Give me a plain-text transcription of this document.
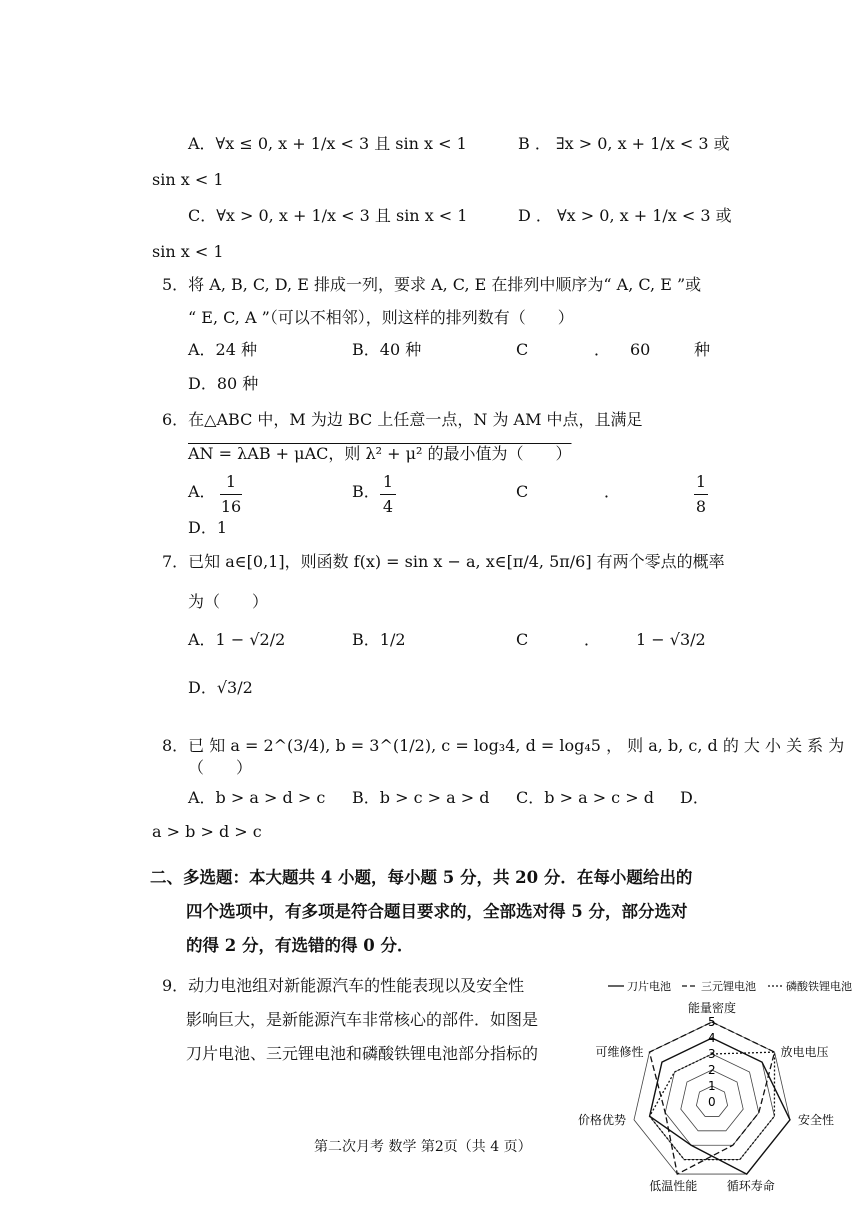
A．∀x ≤ 0, x + 1/x < 3 且 sin x < 1	B ． ∃x > 0, x + 1/x < 3 或
sin x < 1
C．∀x > 0, x + 1/x < 3 且 sin x < 1	D ． ∀x > 0, x + 1/x < 3 或
sin x < 1
5．将 A, B, C, D, E 排成一列，要求 A, C, E 在排列中顺序为“ A, C, E ”或
“ E, C, A ”（可以不相邻），则这样的排列数有（　　）
A．24 种	B．40 种	C	． 60	种
D．80 种
6．在△ABC 中，M 为边 BC 上任意一点，N 为 AM 中点，且满足
AN = λAB + μAC，则 λ² + μ² 的最小值为（　　）
A．
1
16
B．
1
4
C	．
1
8
D．1
7．已知 a∈[0,1]，则函数 f(x) = sin x − a, x∈[π/4, 5π/6] 有两个零点的概率
为（　　）
A．1 − √2/2	B．1/2	C	． 1 − √3/2
D．√3/2
8．已 知 a = 2^(3/4), b = 3^(1/2), c = log₃4, d = log₄5 ， 则 a, b, c, d 的 大 小 关 系 为
（　　）
A．b > a > d > c B．b > c > a > d C．b > a > c > d D．
a > b > d > c
二、多选题：本大题共 4 小题，每小题 5 分，共 20 分．在每小题给出的
四个选项中，有多项是符合题目要求的，全部选对得 5 分，部分选对
的得 2 分，有选错的得 0 分．
9．动力电池组对新能源汽车的性能表现以及安全性
影响巨大，是新能源汽车非常核心的部件．如图是
刀片电池、三元锂电池和磷酸铁锂电池部分指标的
刀片电池	三元锂电池	磷酸铁锂电池
能量密度
放电电压
安全性
循环寿命
低温性能
价格优势
可维修性
0
1
2
3
4
5
第二次月考 数学 第2页（共 4 页）
